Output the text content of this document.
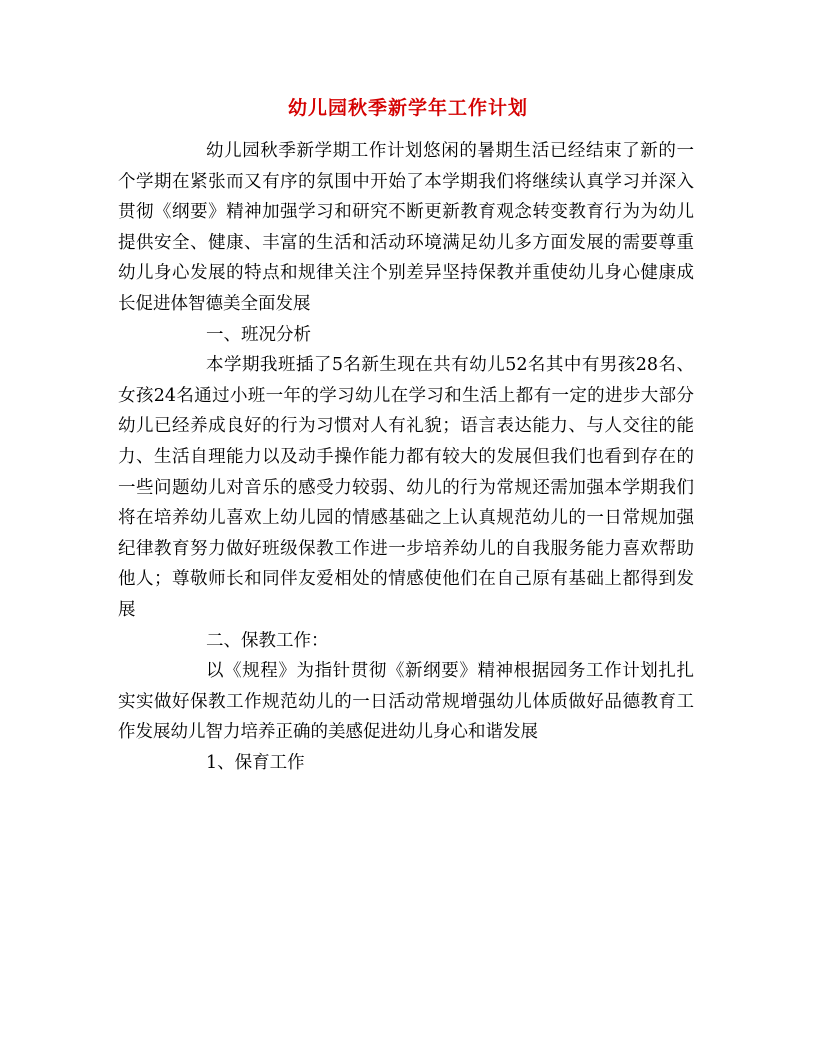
幼儿园秋季新学年工作计划

幼儿园秋季新学期工作计划悠闲的暑期生活已经结束了新的一个学期在紧张而又有序的氛围中开始了本学期我们将继续认真学习并深入贯彻《纲要》精神加强学习和研究不断更新教育观念转变教育行为为幼儿提供安全、健康、丰富的生活和活动环境满足幼儿多方面发展的需要尊重幼儿身心发展的特点和规律关注个别差异坚持保教并重使幼儿身心健康成长促进体智德美全面发展

一、班况分析

本学期我班插了5名新生现在共有幼儿52名其中有男孩28名、女孩24名通过小班一年的学习幼儿在学习和生活上都有一定的进步大部分幼儿已经养成良好的行为习惯对人有礼貌；语言表达能力、与人交往的能力、生活自理能力以及动手操作能力都有较大的发展但我们也看到存在的一些问题幼儿对音乐的感受力较弱、幼儿的行为常规还需加强本学期我们将在培养幼儿喜欢上幼儿园的情感基础之上认真规范幼儿的一日常规加强纪律教育努力做好班级保教工作进一步培养幼儿的自我服务能力喜欢帮助他人；尊敬师长和同伴友爱相处的情感使他们在自己原有基础上都得到发展

二、保教工作：

以《规程》为指针贯彻《新纲要》精神根据园务工作计划扎扎实实做好保教工作规范幼儿的一日活动常规增强幼儿体质做好品德教育工作发展幼儿智力培养正确的美感促进幼儿身心和谐发展

1、保育工作
